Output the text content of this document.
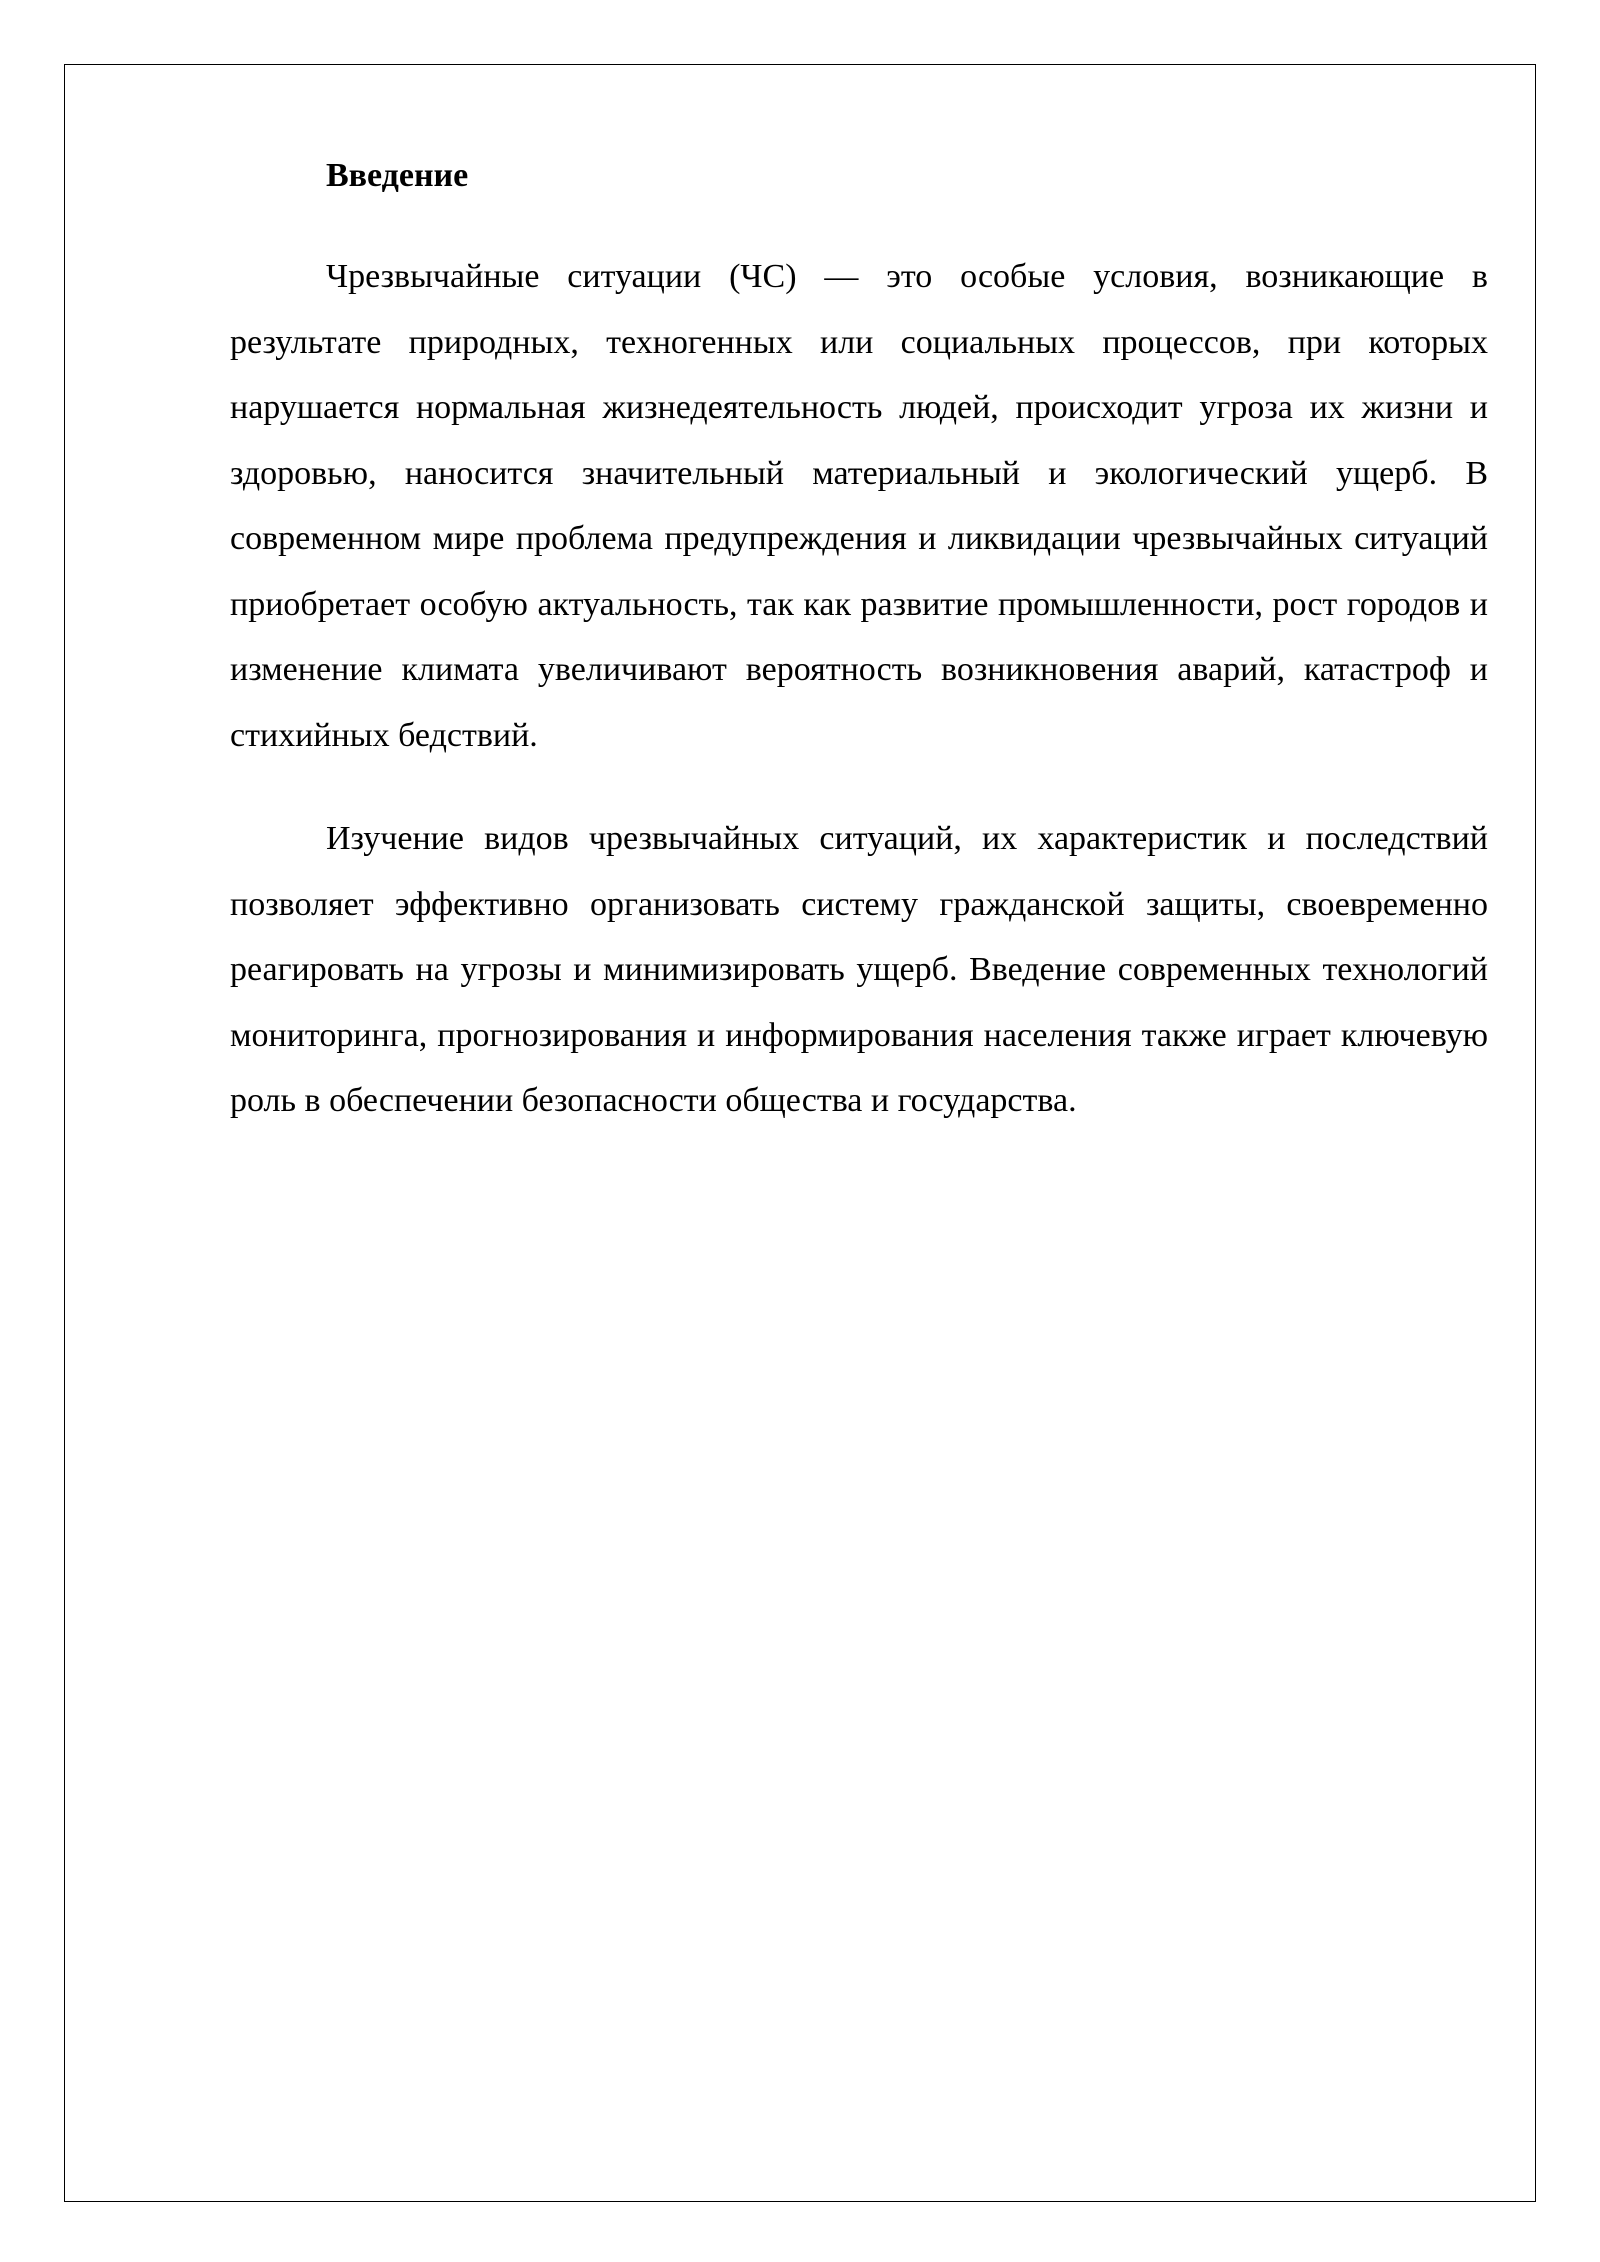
Введение

Чрезвычайные ситуации (ЧС) — это особые условия, возникающие в результате природных, техногенных или социальных процессов, при которых нарушается нормальная жизнедеятельность людей, происходит угроза их жизни и здоровью, наносится значительный материальный и экологический ущерб. В современном мире проблема предупреждения и ликвидации чрезвычайных ситуаций приобретает особую актуальность, так как развитие промышленности, рост городов и изменение климата увеличивают вероятность возникновения аварий, катастроф и стихийных бедствий.

Изучение видов чрезвычайных ситуаций, их характеристик и последствий позволяет эффективно организовать систему гражданской защиты, своевременно реагировать на угрозы и минимизировать ущерб. Введение современных технологий мониторинга, прогнозирования и информирования населения также играет ключевую роль в обеспечении безопасности общества и государства.
